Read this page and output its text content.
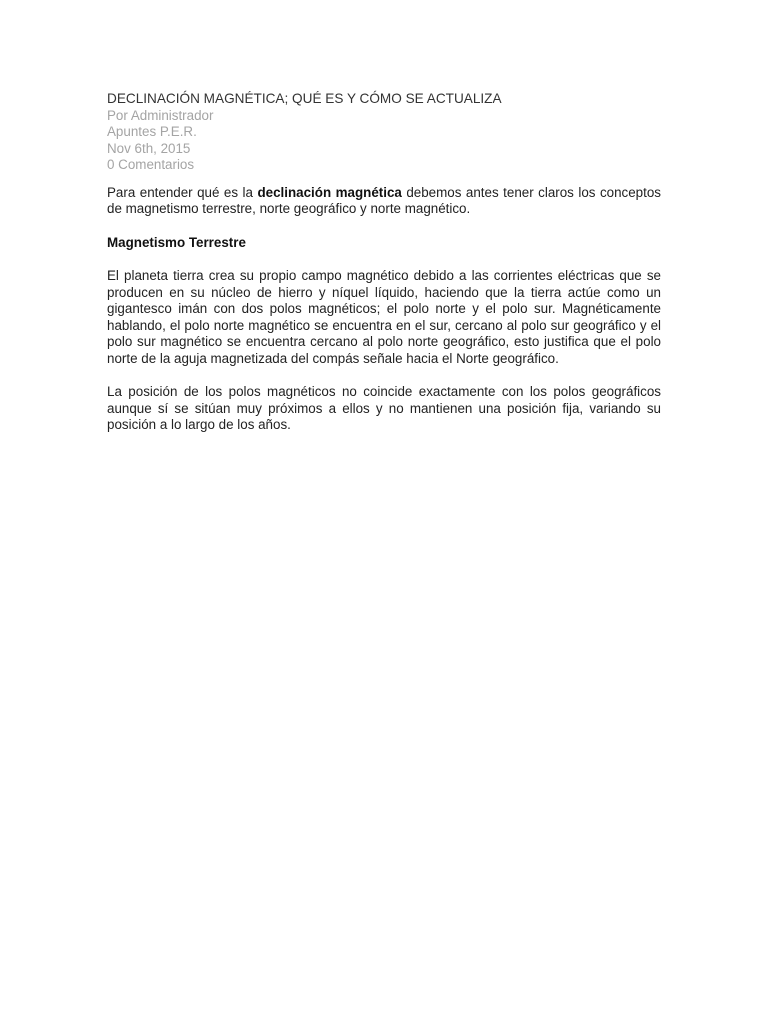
DECLINACIÓN MAGNÉTICA; QUÉ ES Y CÓMO SE ACTUALIZA
Por Administrador
Apuntes P.E.R.
Nov 6th, 2015
0 Comentarios

Para entender qué es la declinación magnética debemos antes tener claros los conceptos de magnetismo terrestre, norte geográfico y norte magnético.

Magnetismo Terrestre

El planeta tierra crea su propio campo magnético debido a las corrientes eléctricas que se producen en su núcleo de hierro y níquel líquido, haciendo que la tierra actúe como un gigantesco imán con dos polos magnéticos; el polo norte y el polo sur. Magnéticamente hablando, el polo norte magnético se encuentra en el sur, cercano al polo sur geográfico y el polo sur magnético se encuentra cercano al polo norte geográfico, esto justifica que el polo norte de la aguja magnetizada del compás señale hacia el Norte geográfico.

La posición de los polos magnéticos no coincide exactamente con los polos geográficos aunque sí se sitúan muy próximos a ellos y no mantienen una posición fija, variando su posición a lo largo de los años.
